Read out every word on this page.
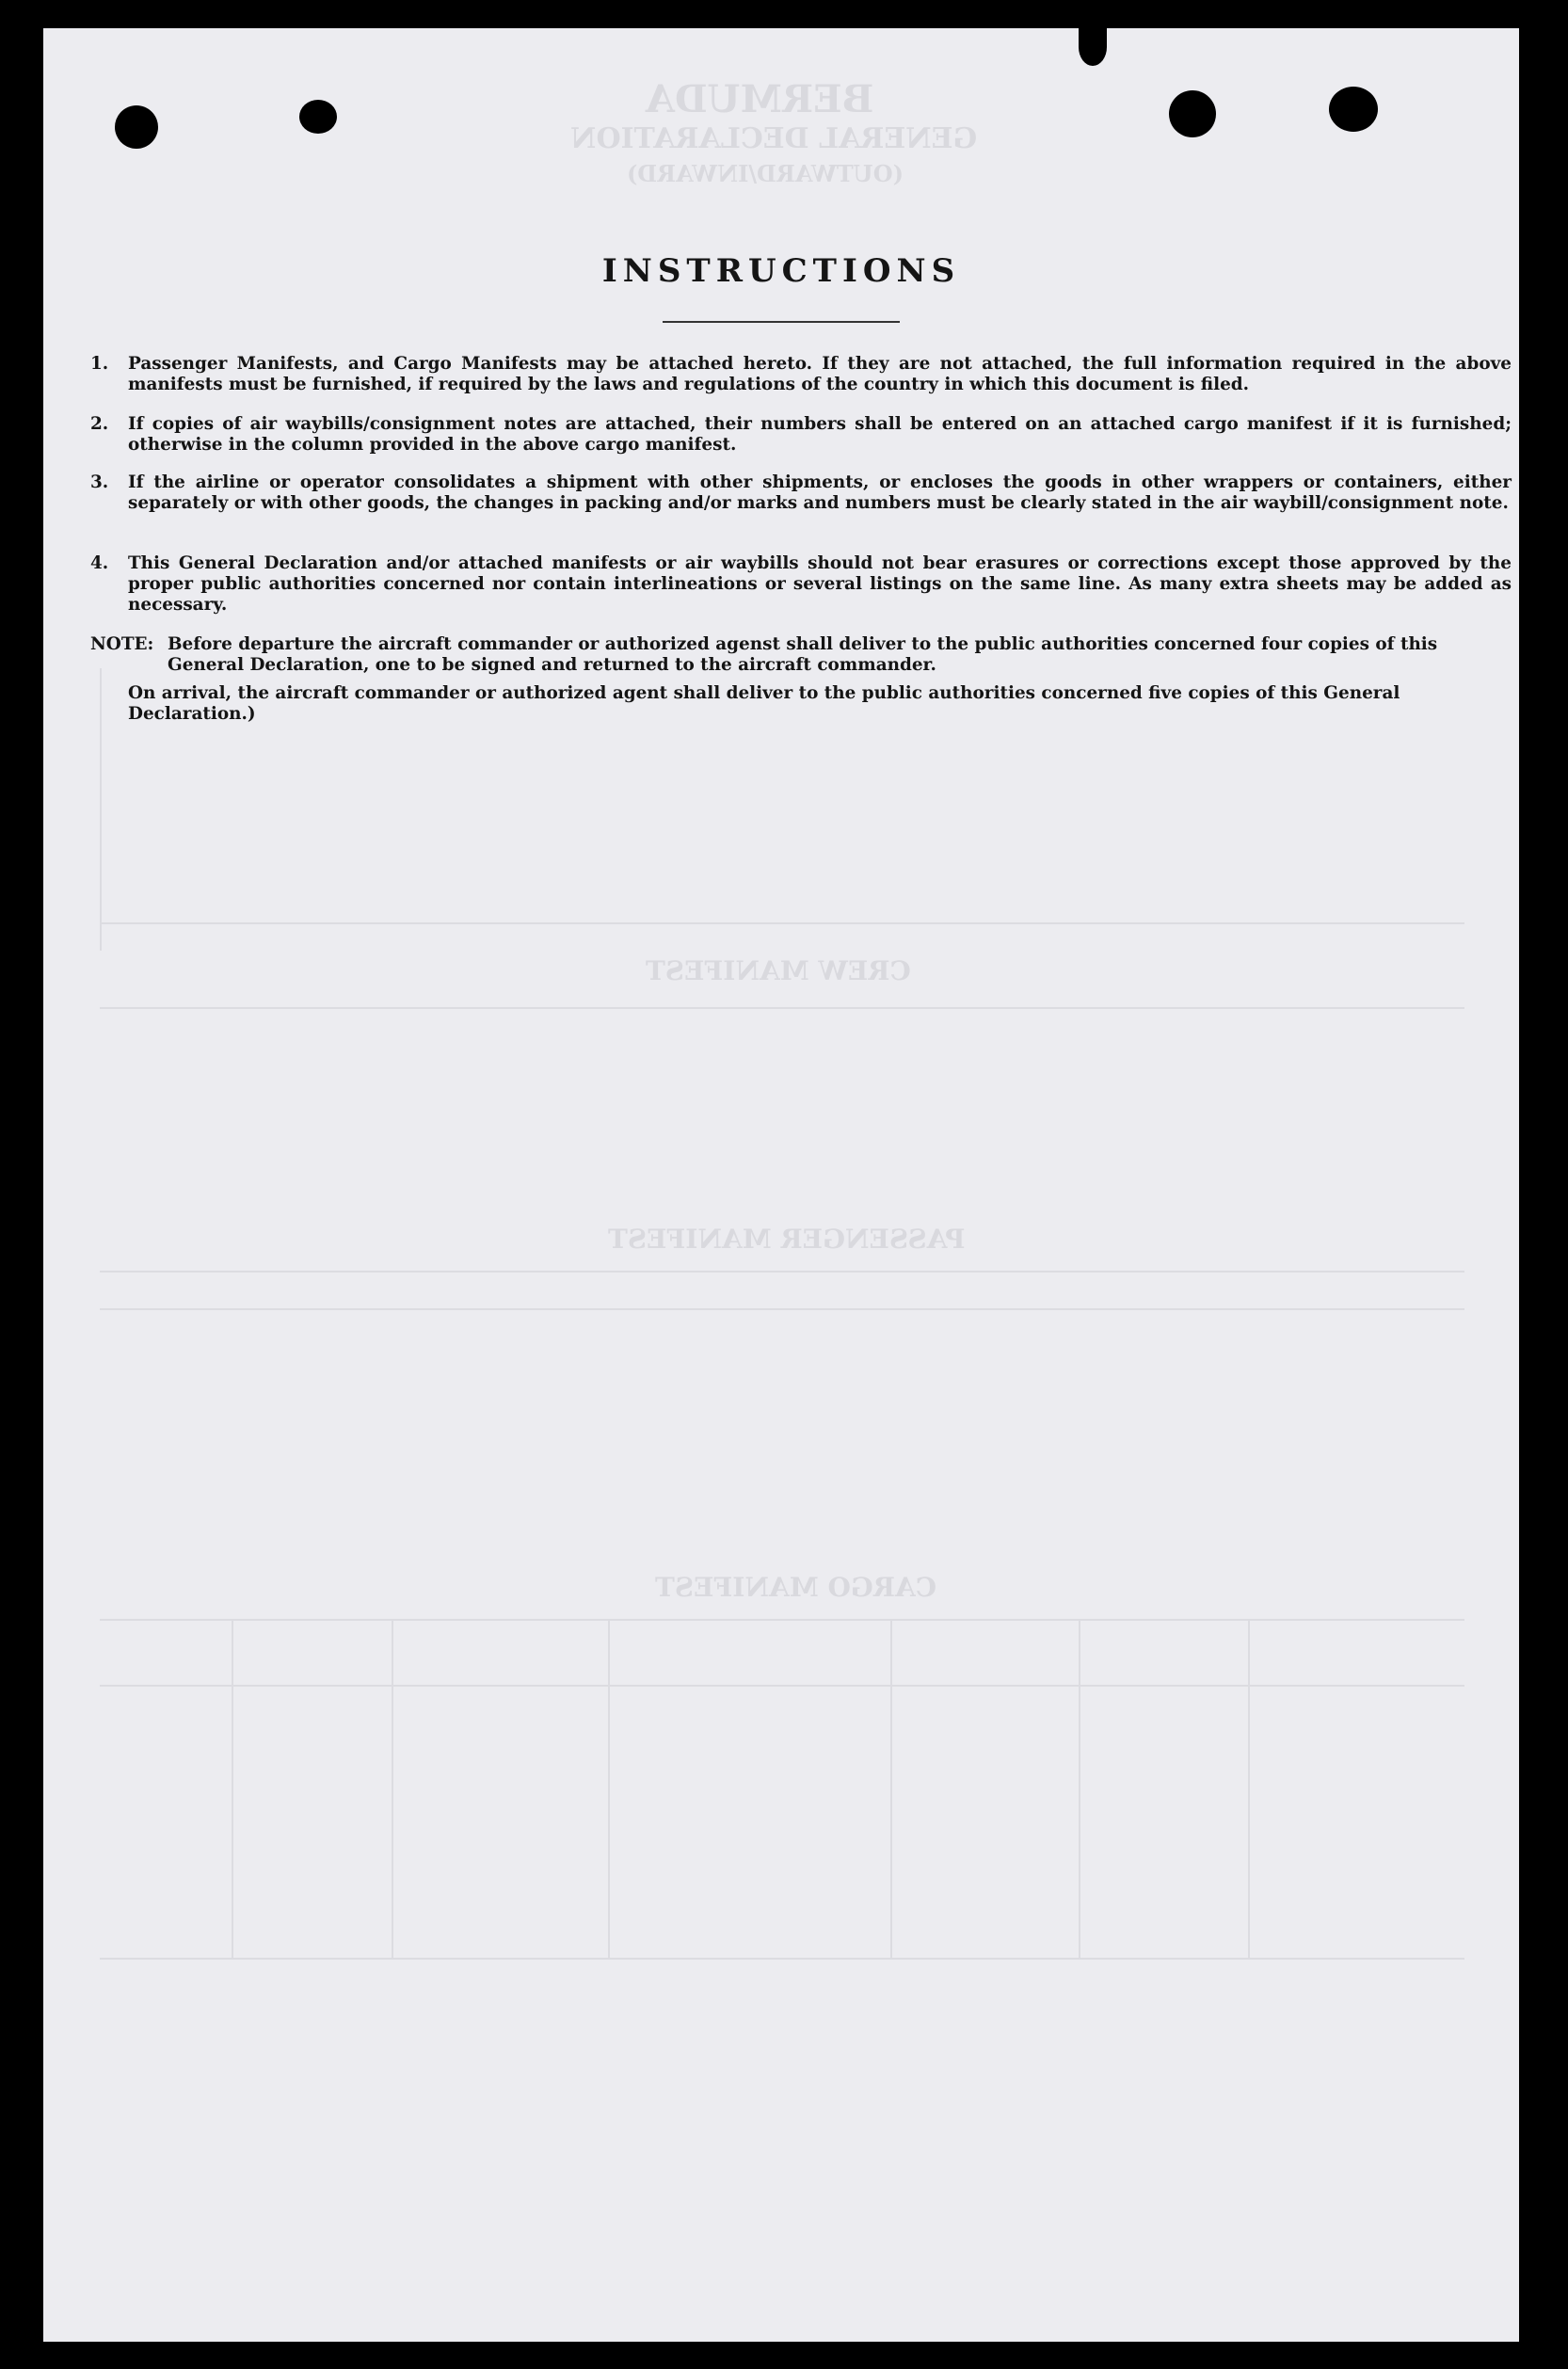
BERMUDA
GENERAL DECLARATION
(OUTWARD/INWARD)
CREW MANIFEST
PASSENGER MANIFEST
CARGO MANIFEST
INSTRUCTIONS
1. Passenger Manifests, and Cargo Manifests may be attached hereto. If they are not attached, the full information required in the above manifests must be furnished, if required by the laws and regulations of the country in which this document is filed.
2. If copies of air waybills/consignment notes are attached, their numbers shall be entered on an attached cargo manifest if it is furnished; otherwise in the column provided in the above cargo manifest.
3. If the airline or operator consolidates a shipment with other shipments, or encloses the goods in other wrappers or containers, either separately or with other goods, the changes in packing and/or marks and numbers must be clearly stated in the air waybill/consignment note.
4. This General Declaration and/or attached manifests or air waybills should not bear erasures or corrections except those approved by the proper public authorities concerned nor contain interlineations or several listings on the same line. As many extra sheets may be added as necessary.
NOTE: Before departure the aircraft commander or authorized agenst shall deliver to the public authorities concerned four copies of this General Declaration, one to be signed and returned to the aircraft commander.
On arrival, the aircraft commander or authorized agent shall deliver to the public authorities concerned five copies of this General Declaration.)
